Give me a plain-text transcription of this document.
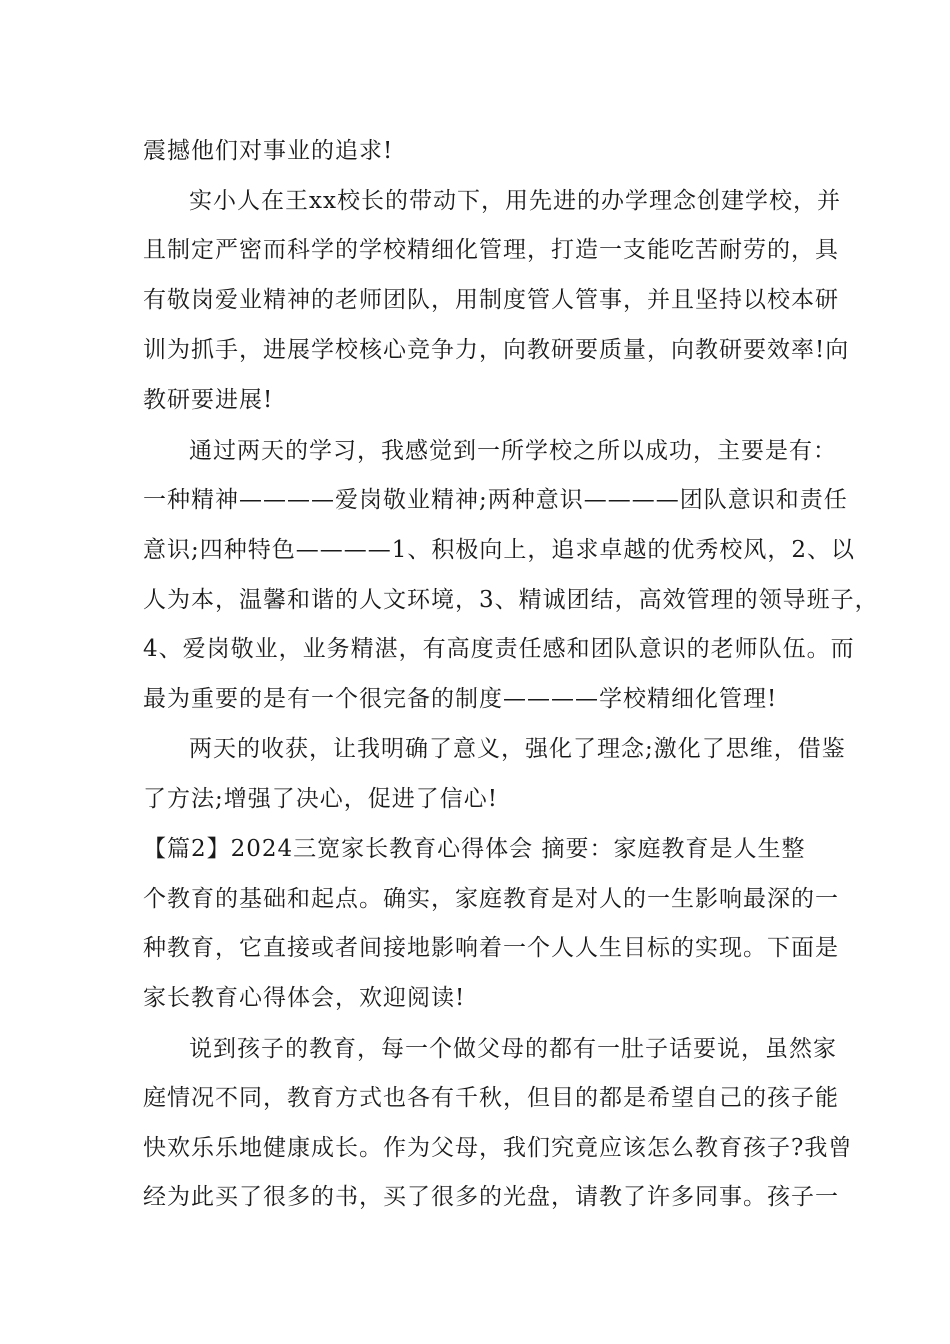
震撼他们对事业的追求!
实小人在王xx校长的带动下，用先进的办学理念创建学校，并
且制定严密而科学的学校精细化管理，打造一支能吃苦耐劳的，具
有敬岗爱业精神的老师团队，用制度管人管事，并且坚持以校本研
训为抓手，进展学校核心竞争力，向教研要质量，向教研要效率!向
教研要进展!
通过两天的学习，我感觉到一所学校之所以成功，主要是有：
一种精神————爱岗敬业精神;两种意识————团队意识和责任
意识;四种特色————1、积极向上，追求卓越的优秀校风，2、以
人为本，温馨和谐的人文环境，3、精诚团结，高效管理的领导班子，
4、爱岗敬业，业务精湛，有高度责任感和团队意识的老师队伍。而
最为重要的是有一个很完备的制度————学校精细化管理!
两天的收获，让我明确了意义，强化了理念;激化了思维，借鉴
了方法;增强了决心，促进了信心!
【篇2】2024三宽家长教育心得体会 摘要：家庭教育是人生整
个教育的基础和起点。确实，家庭教育是对人的一生影响最深的一
种教育，它直接或者间接地影响着一个人人生目标的实现。下面是
家长教育心得体会，欢迎阅读!
说到孩子的教育，每一个做父母的都有一肚子话要说，虽然家
庭情况不同，教育方式也各有千秋，但目的都是希望自己的孩子能
快欢乐乐地健康成长。作为父母，我们究竟应该怎么教育孩子?我曾
经为此买了很多的书，买了很多的光盘，请教了许多同事。孩子一
